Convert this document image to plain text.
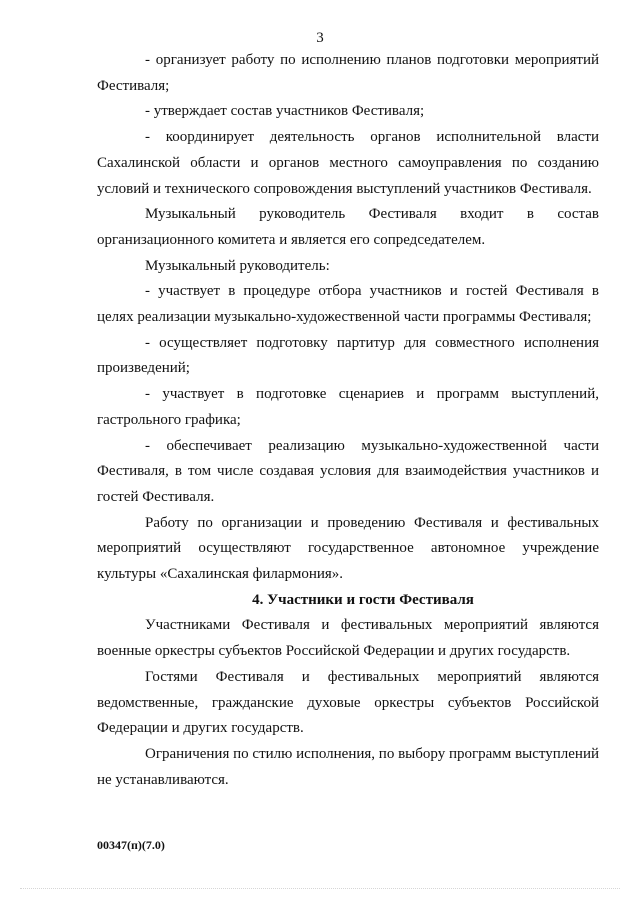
3

- организует работу по исполнению планов подготовки мероприятий Фестиваля;

- утверждает состав участников Фестиваля;

- координирует деятельность органов исполнительной власти Сахалинской области и органов местного самоуправления по созданию условий и технического сопровождения выступлений участников Фестиваля.

Музыкальный руководитель Фестиваля входит в состав организационного комитета и является его сопредседателем.

Музыкальный руководитель:

- участвует в процедуре отбора участников и гостей Фестиваля в целях реализации музыкально-художественной части программы Фестиваля;

- осуществляет подготовку партитур для совместного исполнения произведений;

- участвует в подготовке сценариев и программ выступлений, гастрольного графика;

- обеспечивает реализацию музыкально-художественной части Фестиваля, в том числе создавая условия для взаимодействия участников и гостей Фестиваля.

Работу по организации и проведению Фестиваля и фестивальных мероприятий осуществляют государственное автономное учреждение культуры «Сахалинская филармония».

4. Участники и гости Фестиваля

Участниками Фестиваля и фестивальных мероприятий являются военные оркестры субъектов Российской Федерации и других государств.

Гостями Фестиваля и фестивальных мероприятий являются ведомственные, гражданские духовые оркестры субъектов Российской Федерации и других государств.

Ограничения по стилю исполнения, по выбору программ выступлений не устанавливаются.

00347(п)(7.0)
